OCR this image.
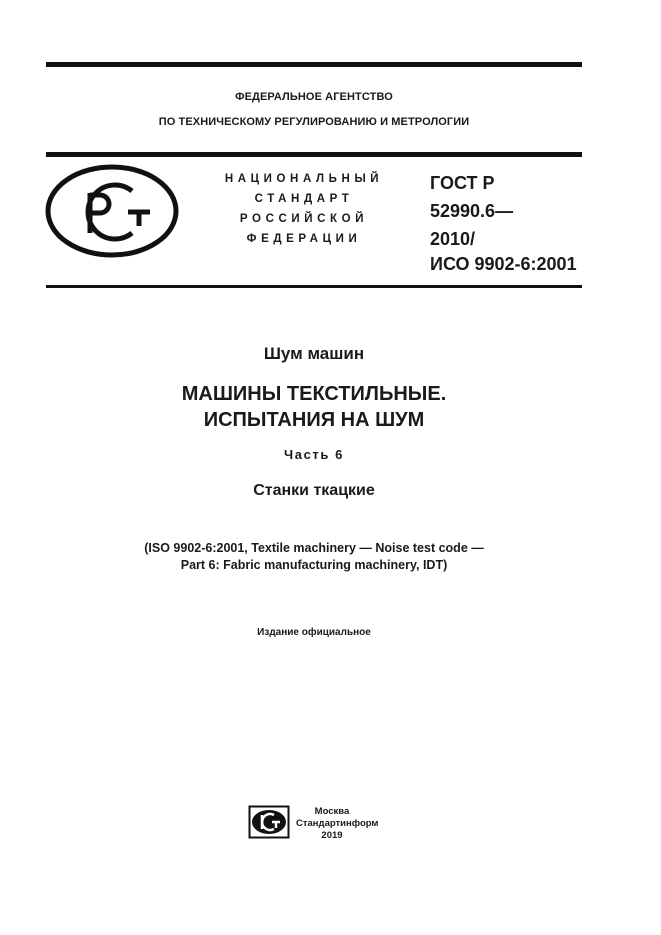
ФЕДЕРАЛЬНОЕ АГЕНТСТВО
ПО ТЕХНИЧЕСКОМУ РЕГУЛИРОВАНИЮ И МЕТРОЛОГИИ
НАЦИОНАЛЬНЫЙ
СТАНДАРТ
РОССИЙСКОЙ
ФЕДЕРАЦИИ
ГОСТ Р
52990.6—
2010/
ИСО 9902-6:2001
Шум машин
МАШИНЫ ТЕКСТИЛЬНЫЕ.
ИСПЫТАНИЯ НА ШУМ
Часть 6
Станки ткацкие
(ISO 9902-6:2001, Textile machinery — Noise test code —
Part 6: Fabric manufacturing machinery, IDT)
Издание официальное
Москва
Стандартинформ
2019
